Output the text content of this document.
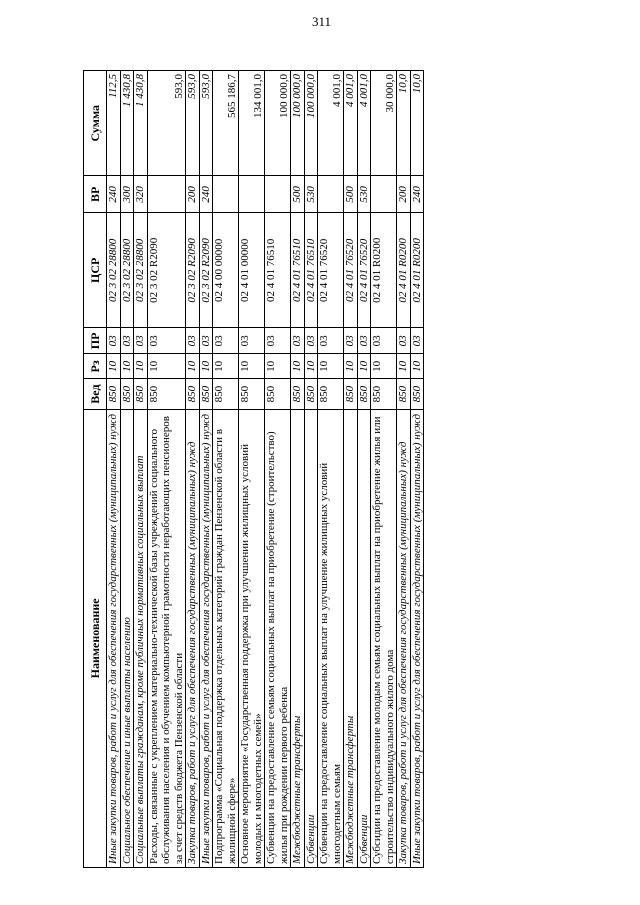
311
Наименование	Вед	Рз	ПР	ЦСР	ВР	Сумма
Иные закупки товаров, работ и услуг для обеспечения государственных (муниципальных) нужд	850	10	03	02 3 02 28800	240	112,5
Социальное обеспечение и иные выплаты населению	850	10	03	02 3 02 28800	300	1 430,8
Социальные выплаты гражданам, кроме публичных нормативных социальных выплат	850	10	03	02 3 02 28800	320	1 430,8
Расходы, связанные с укреплением материально-технической базы учреждений социального обслуживания населения и обучением компьютерной грамотности неработающих пенсионеров за счет средств бюджета Пензенской области	850	10	03	02 3 02 R2090		593,0
Закупка товаров, работ и услуг для обеспечения государственных (муниципальных) нужд	850	10	03	02 3 02 R2090	200	593,0
Иные закупки товаров, работ и услуг для обеспечения государственных (муниципальных) нужд	850	10	03	02 3 02 R2090	240	593,0
Подпрограмма «Социальная поддержка отдельных категорий граждан Пензенской области в жилищной сфере»	850	10	03	02 4 00 00000		565 186,7
Основное мероприятие «Государственная поддержка при улучшении жилищных условий молодых и многодетных семей»	850	10	03	02 4 01 00000		134 001,0
Субвенции на предоставление семьям социальных выплат на приобретение (строительство) жилья при рождении первого ребенка	850	10	03	02 4 01 76510		100 000,0
Межбюджетные трансферты	850	10	03	02 4 01 76510	500	100 000,0
Субвенции	850	10	03	02 4 01 76510	530	100 000,0
Субвенции на предоставление социальных выплат на улучшение жилищных условий многодетным семьям	850	10	03	02 4 01 76520		4 001,0
Межбюджетные трансферты	850	10	03	02 4 01 76520	500	4 001,0
Субвенции	850	10	03	02 4 01 76520	530	4 001,0
Субсидии на предоставление молодым семьям социальных выплат на приобретение жилья или строительство индивидуального жилого дома	850	10	03	02 4 01 R0200		30 000,0
Закупка товаров, работ и услуг для обеспечения государственных (муниципальных) нужд	850	10	03	02 4 01 R0200	200	10,0
Иные закупки товаров, работ и услуг для обеспечения государственных (муниципальных) нужд	850	10	03	02 4 01 R0200	240	10,0
